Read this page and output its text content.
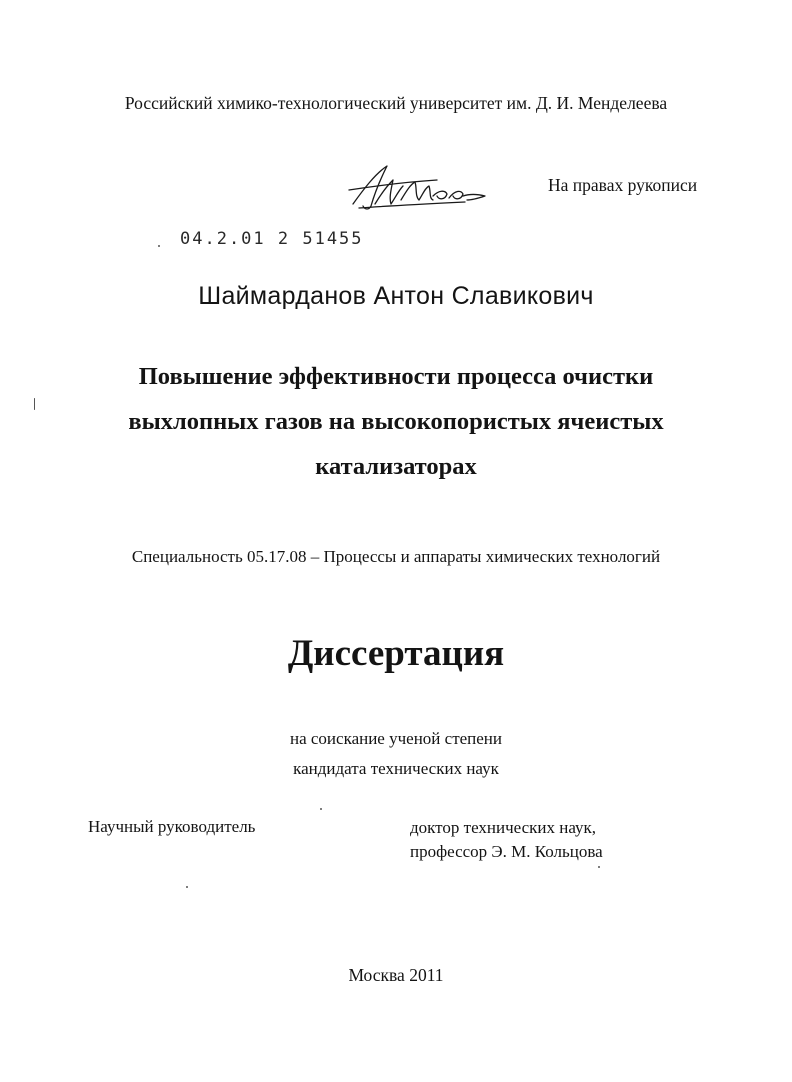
Российский химико-технологический университет им. Д. И. Менделеева
На правах рукописи
04.2.01 2 51455
Шаймарданов Антон Славикович
Повышение эффективности процесса очистки
выхлопных газов на высокопористых ячеистых
катализаторах
Специальность 05.17.08 – Процессы и аппараты химических технологий
Диссертация
на соискание ученой степени
кандидата технических наук
Научный руководитель	доктор технических наук,
профессор Э. М. Кольцова
Москва 2011
